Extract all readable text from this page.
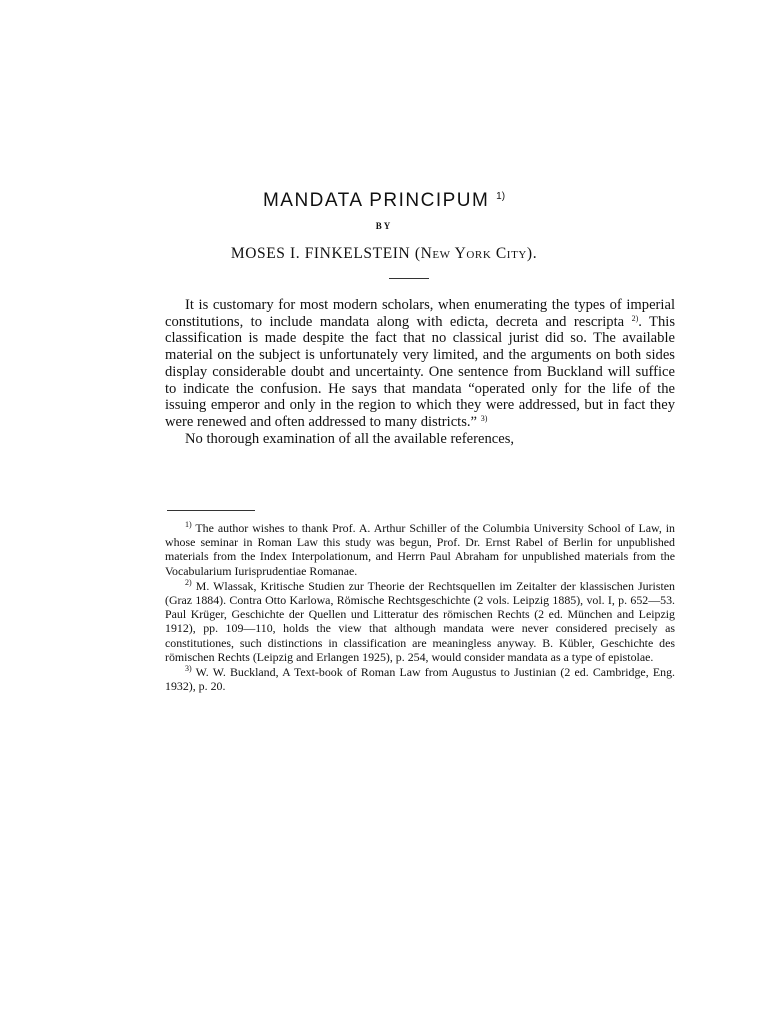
MANDATA PRINCIPUM $^{1)}$
BY
MOSES I. FINKELSTEIN (New York City).

It is customary for most modern scholars, when enumerating the types of imperial constitutions, to include mandata along with edicta, decreta and rescripta $^{2)}$. This classification is made despite the fact that no classical jurist did so. The available material on the subject is unfortunately very limited, and the arguments on both sides display considerable doubt and uncertainty. One sentence from Buckland will suffice to indicate the confusion. He says that mandata “operated only for the life of the issuing emperor and only in the region to which they were addressed, but in fact they were renewed and often addressed to many districts.” $^{3)}$

No thorough examination of all the available references,

$^{1)}$ The author wishes to thank Prof. A. Arthur Schiller of the Columbia University School of Law, in whose seminar in Roman Law this study was begun, Prof. Dr. Ernst Rabel of Berlin for unpublished materials from the Index Interpolationum, and Herrn Paul Abraham for unpublished materials from the Vocabularium Iurisprudentiae Romanae.

$^{2)}$ M. Wlassak, Kritische Studien zur Theorie der Rechtsquellen im Zeitalter der klassischen Juristen (Graz 1884). Contra Otto Karlowa, Römische Rechtsgeschichte (2 vols. Leipzig 1885), vol. I, p. 652—53. Paul Krüger, Geschichte der Quellen und Litteratur des römischen Rechts (2 ed. München and Leipzig 1912), pp. 109—110, holds the view that although mandata were never considered precisely as constitutiones, such distinctions in classification are meaningless anyway. B. Kübler, Geschichte des römischen Rechts (Leipzig and Erlangen 1925), p. 254, would consider mandata as a type of epistolae.

$^{3)}$ W. W. Buckland, A Text-book of Roman Law from Augustus to Justinian (2 ed. Cambridge, Eng. 1932), p. 20.
